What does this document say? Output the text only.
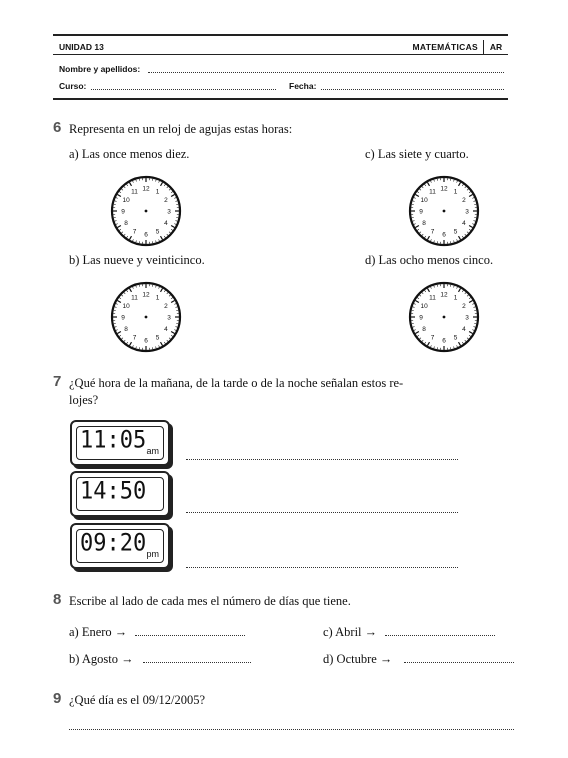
UNIDAD 13	MATEMÁTICAS	AR
Nombre y apellidos:
Curso:	Fecha:
6 Representa en un reloj de agujas estas horas:
a) Las once menos diez.	c) Las siete y cuarto.
b) Las nueve y veinticinco.	d) Las ocho menos cinco.
12 1
2
3
4
5
6
7
8
9
10
11	12 1
2
3
4
5
6
7
8
9
10
11
12 1
2
3
4
5
6
7
8
9
10
11	12 1
2
3
4
5
6
7
8
9
10
11
7 ¿Qué hora de la mañana, de la tarde o de la noche señalan estos re-
lojes?
11:05 am
14:50
09:20 pm
8 Escribe al lado de cada mes el número de días que tiene.
a) Enero →	c) Abril →
b) Agosto →	d) Octubre →
9 ¿Qué día es el 09/12/2005?
